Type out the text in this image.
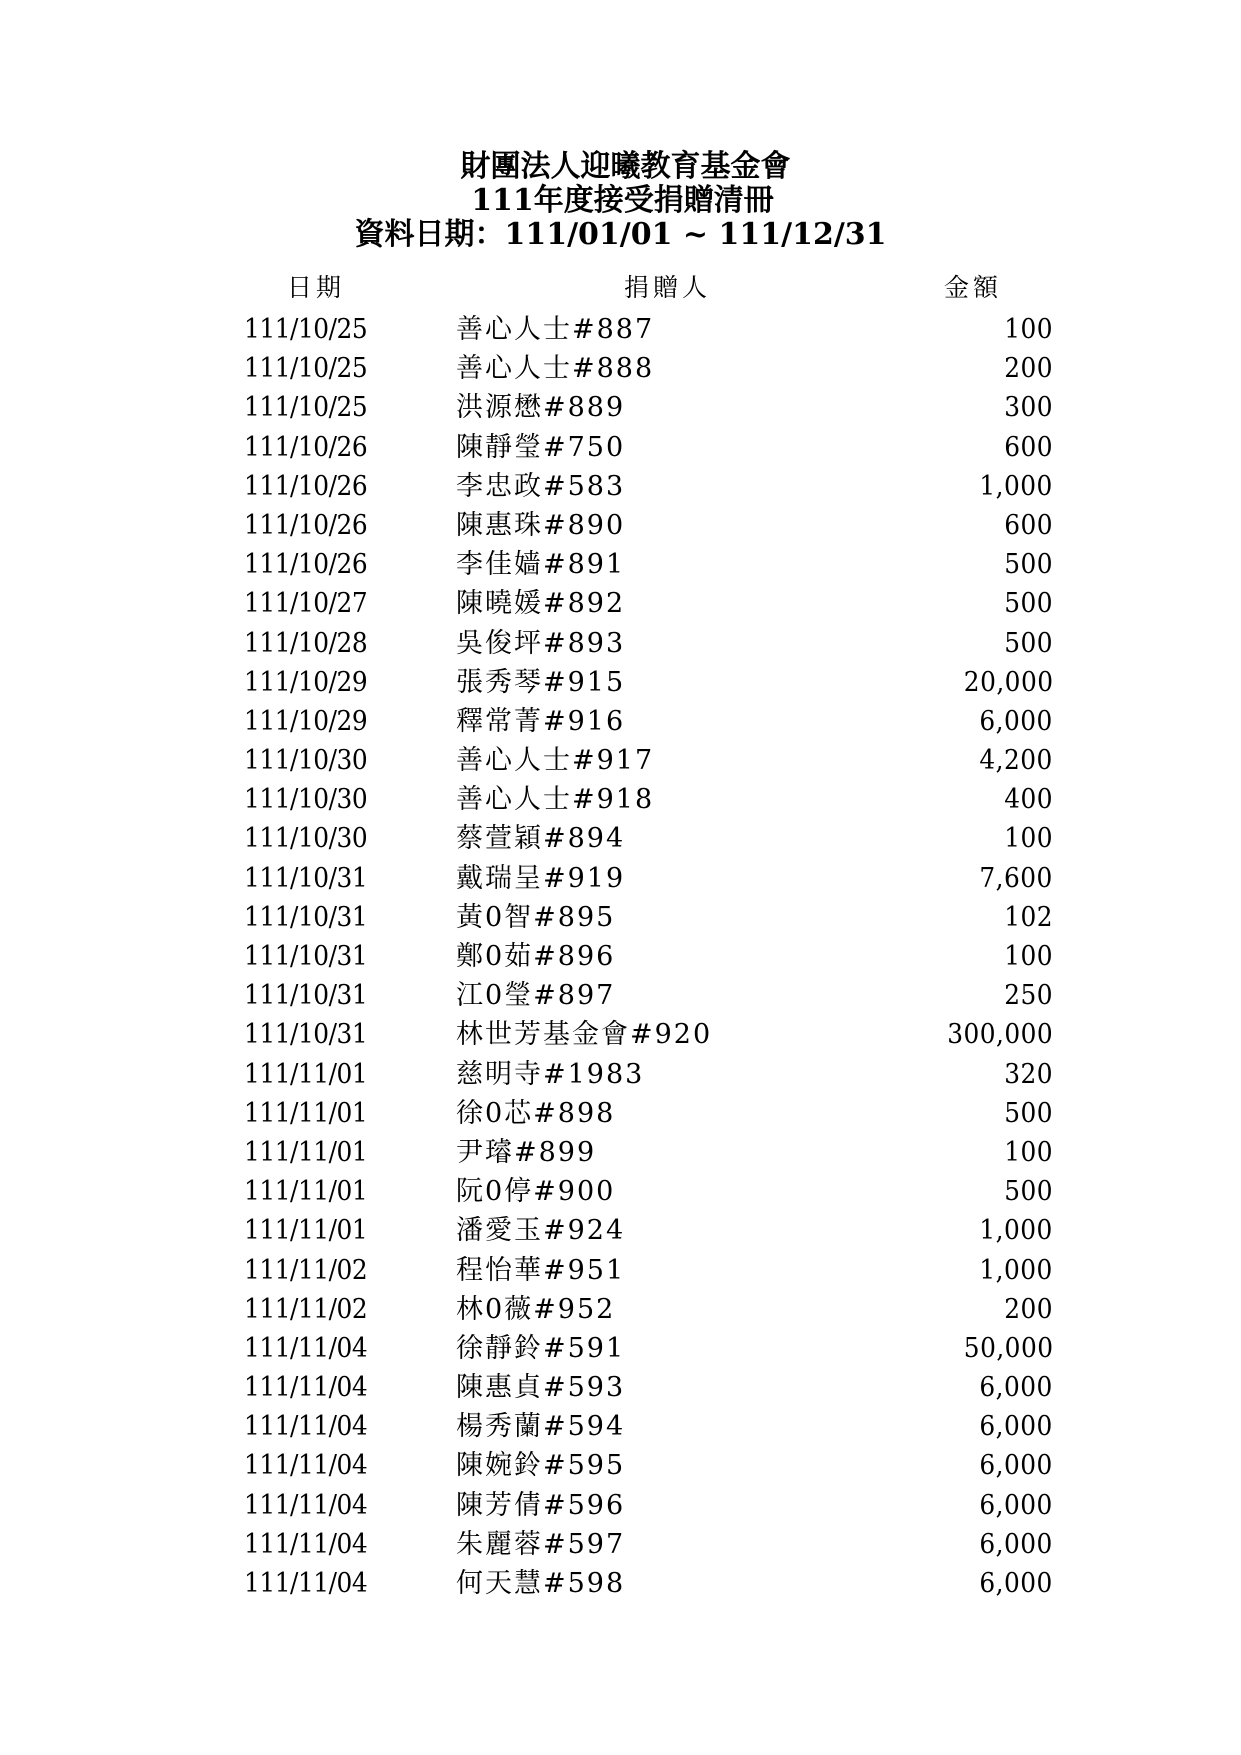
財團法人迎曦教育基金會
111年度接受捐贈清冊
資料日期：111/01/01 ~ 111/12/31
日期	捐贈人	金額
111/10/25	善心人士#887	100
111/10/25	善心人士#888	200
111/10/25	洪源懋#889	300
111/10/26	陳靜瑩#750	600
111/10/26	李忠政#583	1,000
111/10/26	陳惠珠#890	600
111/10/26	李佳嫱#891	500
111/10/27	陳曉媛#892	500
111/10/28	吳俊坪#893	500
111/10/29	張秀琴#915	20,000
111/10/29	釋常菁#916	6,000
111/10/30	善心人士#917	4,200
111/10/30	善心人士#918	400
111/10/30	蔡萱穎#894	100
111/10/31	戴瑞呈#919	7,600
111/10/31	黃0智#895	102
111/10/31	鄭0茹#896	100
111/10/31	江0瑩#897	250
111/10/31	林世芳基金會#920	300,000
111/11/01	慈明寺#1983	320
111/11/01	徐0芯#898	500
111/11/01	尹璿#899	100
111/11/01	阮0停#900	500
111/11/01	潘愛玉#924	1,000
111/11/02	程怡華#951	1,000
111/11/02	林0薇#952	200
111/11/04	徐靜鈴#591	50,000
111/11/04	陳惠貞#593	6,000
111/11/04	楊秀蘭#594	6,000
111/11/04	陳婉鈴#595	6,000
111/11/04	陳芳倩#596	6,000
111/11/04	朱麗蓉#597	6,000
111/11/04	何天慧#598	6,000
